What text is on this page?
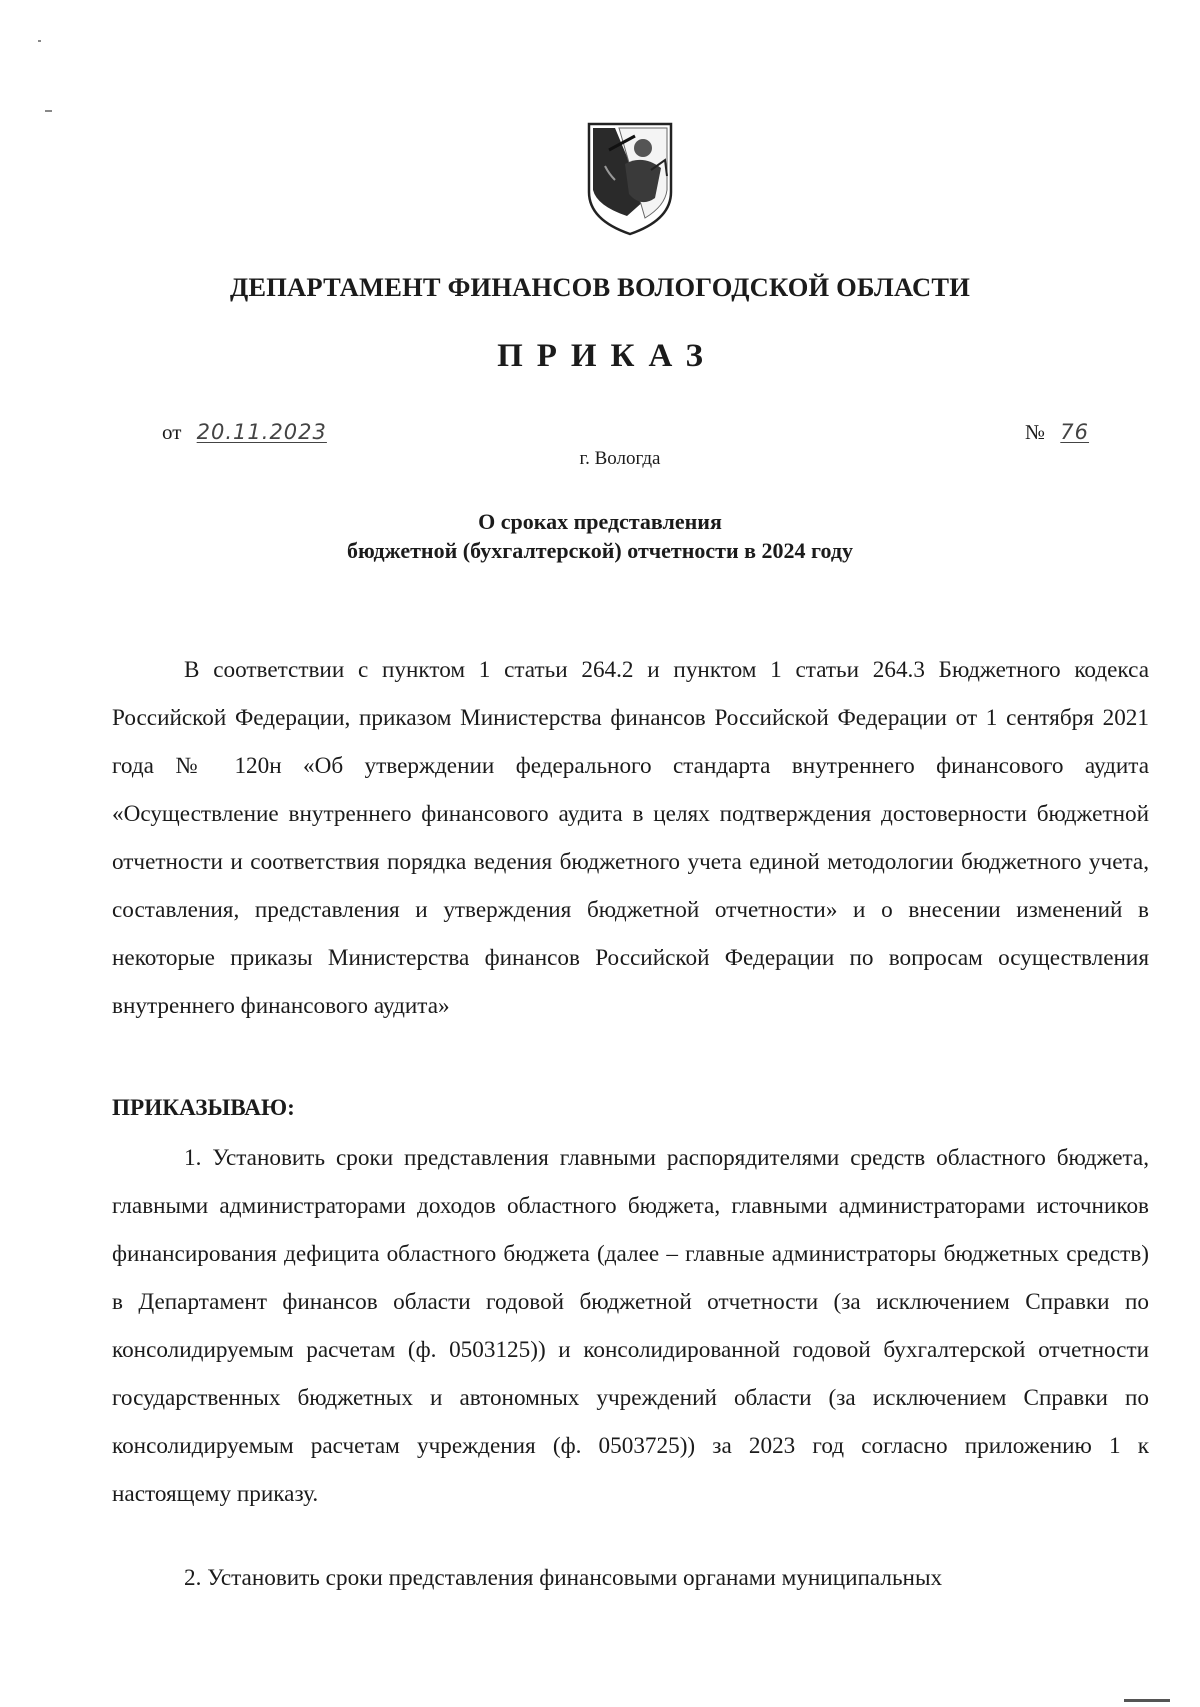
ДЕПАРТАМЕНТ ФИНАНСОВ ВОЛОГОДСКОЙ ОБЛАСТИ
ПРИКАЗ
от 20.11.2023	№ 76
г. Вологда
О сроках представления
бюджетной (бухгалтерской) отчетности в 2024 году
В соответствии с пунктом 1 статьи 264.2 и пунктом 1 статьи 264.3 Бюджетного кодекса Российской Федерации, приказом Министерства финансов Российской Федерации от 1 сентября 2021 года № 120н «Об утверждении федерального стандарта внутреннего финансового аудита «Осуществление внутреннего финансового аудита в целях подтверждения достоверности бюджетной отчетности и соответствия порядка ведения бюджетного учета единой методологии бюджетного учета, составления, представления и утверждения бюджетной отчетности» и о внесении изменений в некоторые приказы Министерства финансов Российской Федерации по вопросам осуществления внутреннего финансового аудита»
ПРИКАЗЫВАЮ:
1. Установить сроки представления главными распорядителями средств областного бюджета, главными администраторами доходов областного бюджета, главными администраторами источников финансирования дефицита областного бюджета (далее – главные администраторы бюджетных средств) в Департамент финансов области годовой бюджетной отчетности (за исключением Справки по консолидируемым расчетам (ф. 0503125)) и консолидированной годовой бухгалтерской отчетности государственных бюджетных и автономных учреждений области (за исключением Справки по консолидируемым расчетам учреждения (ф. 0503725)) за 2023 год согласно приложению 1 к настоящему приказу.
2. Установить сроки представления финансовыми органами муниципальных
